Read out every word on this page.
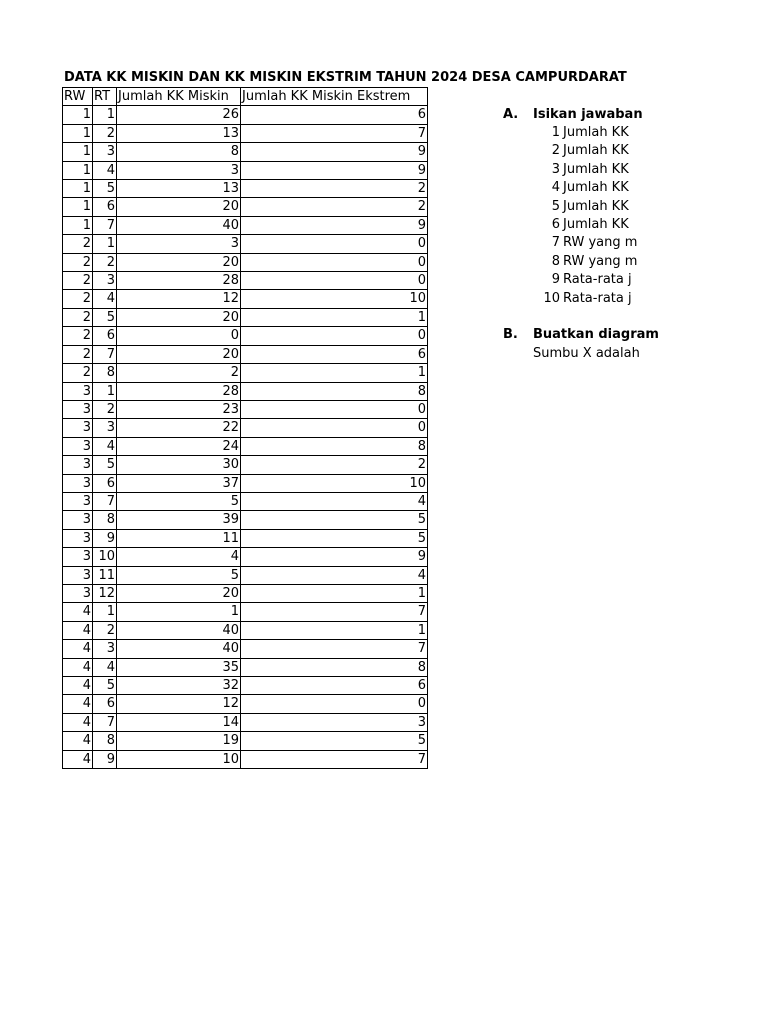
DATA KK MISKIN DAN KK MISKIN EKSTRIM TAHUN 2024 DESA CAMPURDARAT
RW	RT	Jumlah KK Miskin	Jumlah KK Miskin Ekstrem
1	1	26	6
1	2	13	7
1	3	8	9
1	4	3	9
1	5	13	2
1	6	20	2
1	7	40	9
2	1	3	0
2	2	20	0
2	3	28	0
2	4	12	10
2	5	20	1
2	6	0	0
2	7	20	6
2	8	2	1
3	1	28	8
3	2	23	0
3	3	22	0
3	4	24	8
3	5	30	2
3	6	37	10
3	7	5	4
3	8	39	5
3	9	11	5
3	10	4	9
3	11	5	4
3	12	20	1
4	1	1	7
4	2	40	1
4	3	40	7
4	4	35	8
4	5	32	6
4	6	12	0
4	7	14	3
4	8	19	5
4	9	10	7
A. Isikan jawaban
1 Jumlah KK
2 Jumlah KK
3 Jumlah KK
4 Jumlah KK
5 Jumlah KK
6 Jumlah KK
7 RW yang m
8 RW yang m
9 Rata-rata j
10 Rata-rata j
B. Buatkan diagram
Sumbu X adalah
